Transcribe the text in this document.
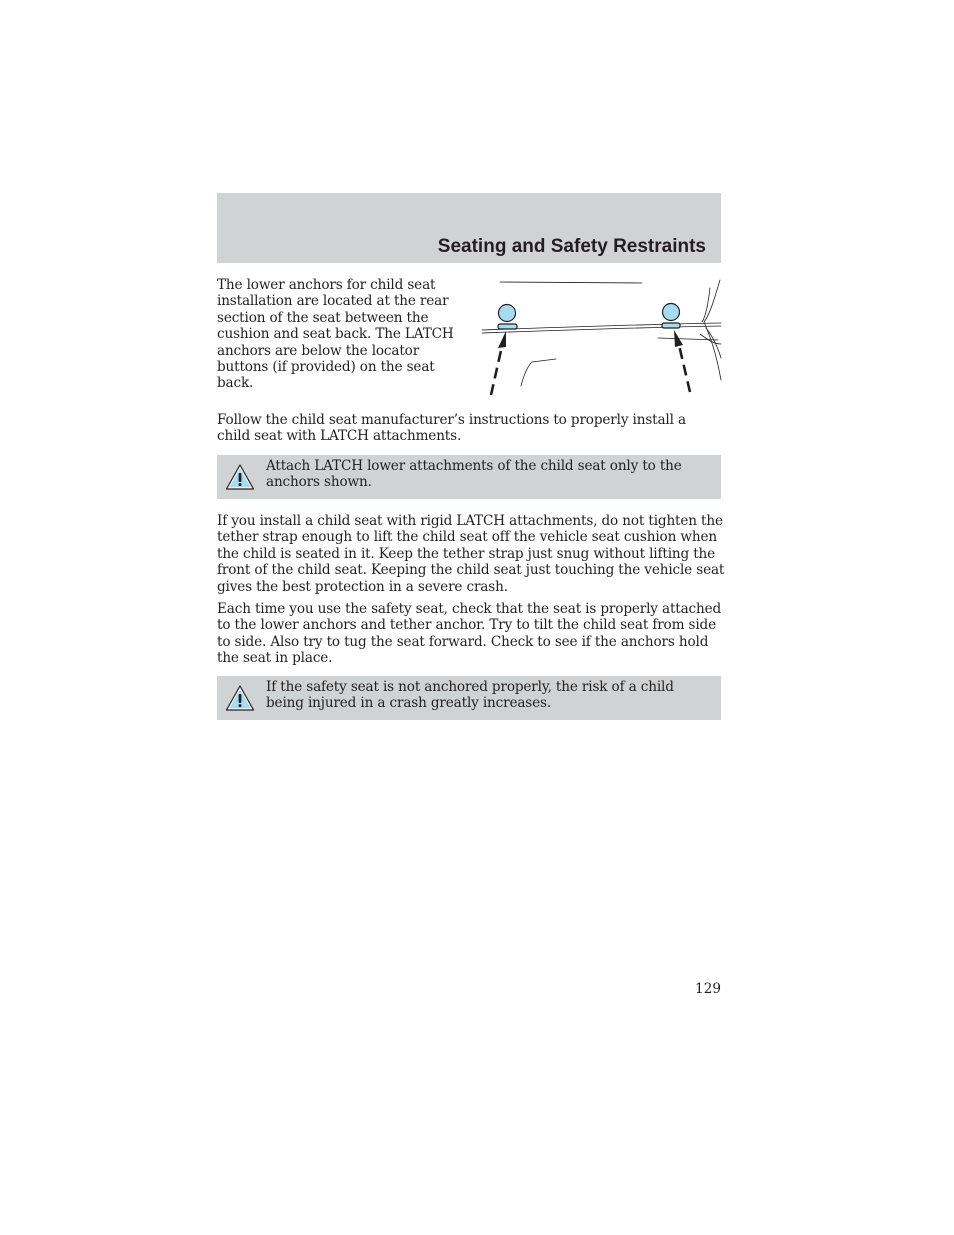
Seating and Safety Restraints

The lower anchors for child seat installation are located at the rear section of the seat between the cushion and seat back. The LATCH anchors are below the locator buttons (if provided) on the seat back.

Follow the child seat manufacturer’s instructions to properly install a child seat with LATCH attachments.

Attach LATCH lower attachments of the child seat only to the anchors shown.

If you install a child seat with rigid LATCH attachments, do not tighten the tether strap enough to lift the child seat off the vehicle seat cushion when the child is seated in it. Keep the tether strap just snug without lifting the front of the child seat. Keeping the child seat just touching the vehicle seat gives the best protection in a severe crash.

Each time you use the safety seat, check that the seat is properly attached to the lower anchors and tether anchor. Try to tilt the child seat from side to side. Also try to tug the seat forward. Check to see if the anchors hold the seat in place.

If the safety seat is not anchored properly, the risk of a child being injured in a crash greatly increases.

129
